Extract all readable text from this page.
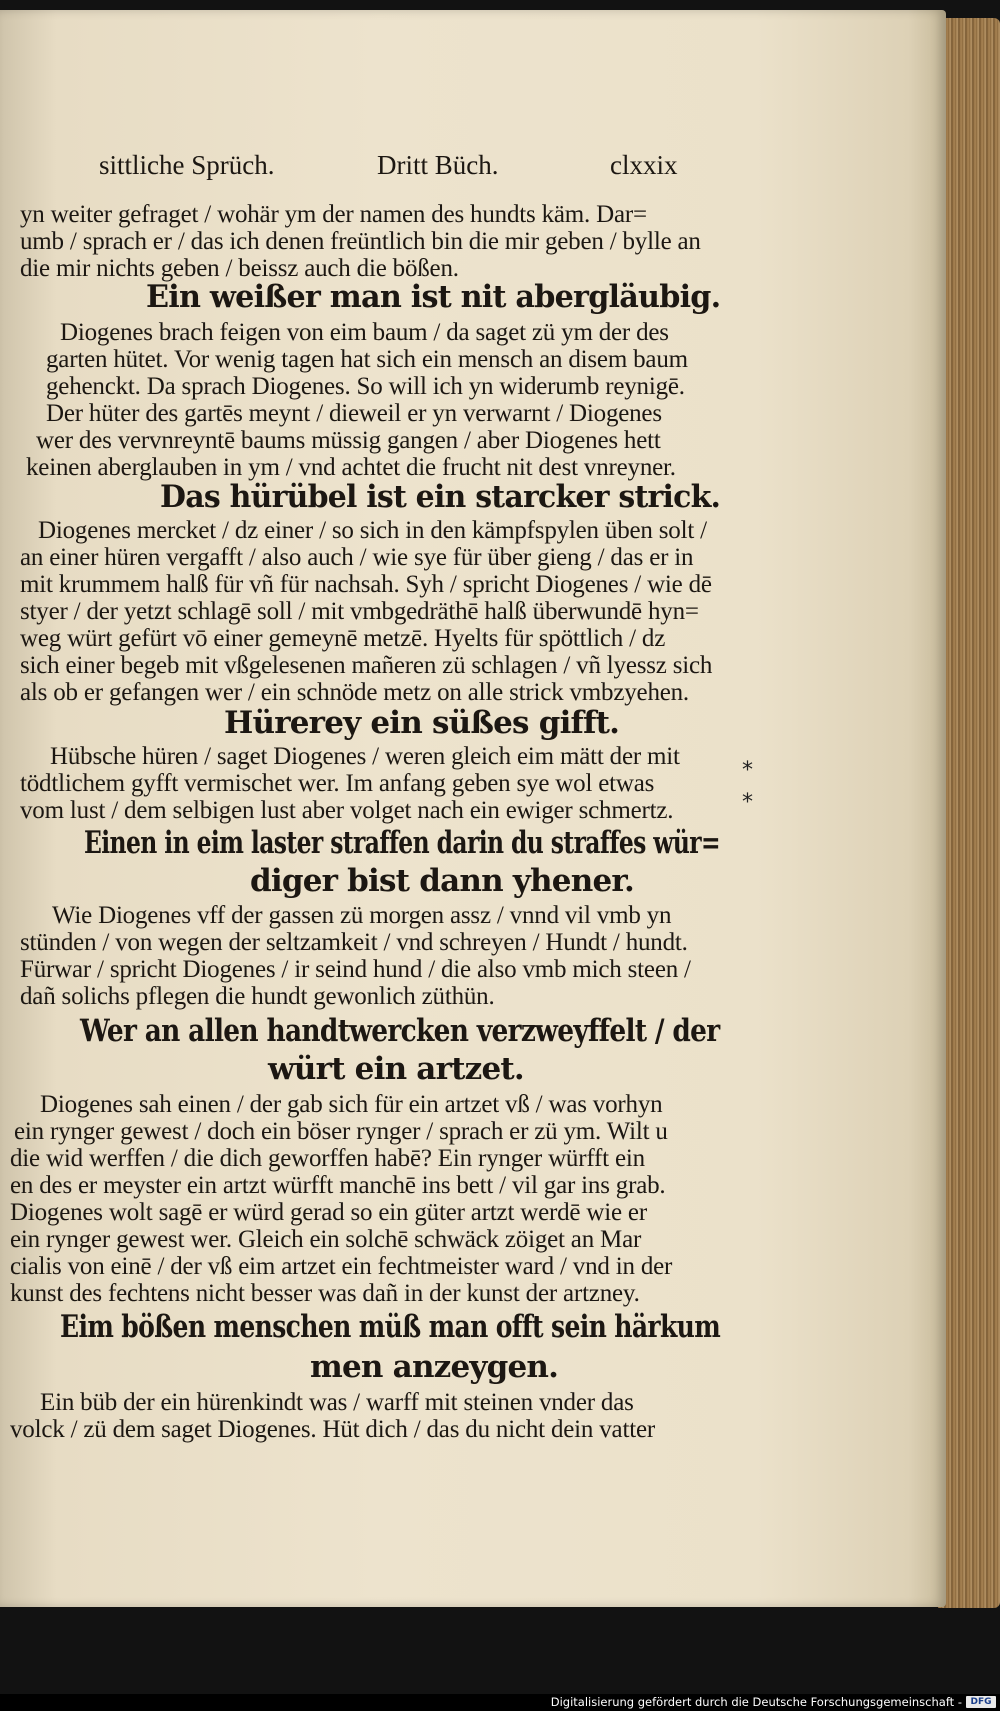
sittliche Sprüch.	Dritt Büch.	clxxix
yn weiter gefraget / wohär ym der namen des hundts käm. Dar=
umb / sprach er / das ich denen freüntlich bin die mir geben / bylle an
die mir nichts geben / beissz auch die bößen.
Ein weißer man ist nit abergläubig.
Diogenes brach feigen von eim baum / da saget zü ym der des
garten hütet. Vor wenig tagen hat sich ein mensch an disem baum
gehenckt. Da sprach Diogenes. So will ich yn widerumb reynigē.
Der hüter des gartēs meynt / dieweil er yn verwarnt / Diogenes
wer des vervnreyntē baums müssig gangen / aber Diogenes hett
keinen aberglauben in ym / vnd achtet die frucht nit dest vnreyner.
Das hürübel ist ein starcker strick.
Diogenes mercket / dz einer / so sich in den kämpfspylen üben solt /
an einer hüren vergafft / also auch / wie sye für über gieng / das er in
mit krummem halß für vñ für nachsah. Syh / spricht Diogenes / wie dē
styer / der yetzt schlagē soll / mit vmbgedräthē halß überwundē hyn=
weg würt gefürt vō einer gemeynē metzē. Hyelts für spöttlich / dz
sich einer begeb mit vßgelesenen mañeren zü schlagen / vñ lyessz sich
als ob er gefangen wer / ein schnöde metz on alle strick vmbzyehen.
Hürerey ein süßes gifft.
Hübsche hüren / saget Diogenes / weren gleich eim mätt der mit
tödtlichem gyfft vermischet wer. Im anfang geben sye wol etwas
vom lust / dem selbigen lust aber volget nach ein ewiger schmertz.
Einen in eim laster straffen darin du straffes wür=
diger bist dann yhener.
Wie Diogenes vff der gassen zü morgen assz / vnnd vil vmb yn
stünden / von wegen der seltzamkeit / vnd schreyen / Hundt / hundt.
Fürwar / spricht Diogenes / ir seind hund / die also vmb mich steen /
dañ solichs pflegen die hundt gewonlich züthün.
Wer an allen handtwercken verzweyffelt / der
würt ein artzet.
Diogenes sah einen / der gab sich für ein artzet vß / was vorhyn
ein rynger gewest / doch ein böser rynger / sprach er zü ym. Wilt u
die wid werffen / die dich geworffen habē? Ein rynger würfft ein
en des er meyster ein artzt würfft manchē ins bett / vil gar ins grab.
Diogenes wolt sagē er würd gerad so ein güter artzt werdē wie er
ein rynger gewest wer. Gleich ein solchē schwäck zöiget an Mar
cialis von einē / der vß eim artzet ein fechtmeister ward / vnd in der
kunst des fechtens nicht besser was dañ in der kunst der artzney.
Eim bößen menschen müß man offt sein härkum
men anzeygen.
Ein büb der ein hürenkindt was / warff mit steinen vnder das
volck / zü dem saget Diogenes. Hüt dich / das du nicht dein vatter
*
*
Digitalisierung gefördert durch die Deutsche Forschungsgemeinschaft - DFG
